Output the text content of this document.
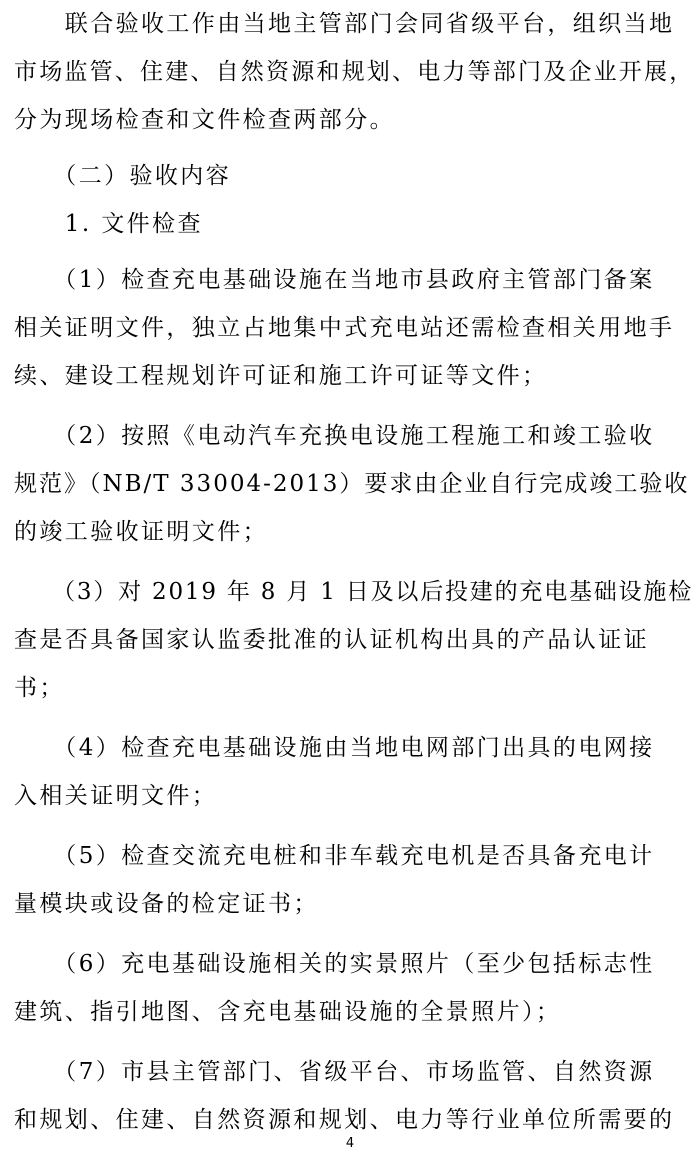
　　联合验收工作由当地主管部门会同省级平台，组织当地
市场监管、住建、自然资源和规划、电力等部门及企业开展，
分为现场检查和文件检查两部分。
　　（二）验收内容
　　1. 文件检查
　　（1）检查充电基础设施在当地市县政府主管部门备案
相关证明文件，独立占地集中式充电站还需检查相关用地手
续、建设工程规划许可证和施工许可证等文件；
　　（2）按照《电动汽车充换电设施工程施工和竣工验收
规范》（NB/T 33004-2013）要求由企业自行完成竣工验收
的竣工验收证明文件；
　　（3）对 2019 年 8 月 1 日及以后投建的充电基础设施检
查是否具备国家认监委批准的认证机构出具的产品认证证
书；
　　（4）检查充电基础设施由当地电网部门出具的电网接
入相关证明文件；
　　（5）检查交流充电桩和非车载充电机是否具备充电计
量模块或设备的检定证书；
　　（6）充电基础设施相关的实景照片（至少包括标志性
建筑、指引地图、含充电基础设施的全景照片）；
　　（7）市县主管部门、省级平台、市场监管、自然资源
和规划、住建、自然资源和规划、电力等行业单位所需要的
4
